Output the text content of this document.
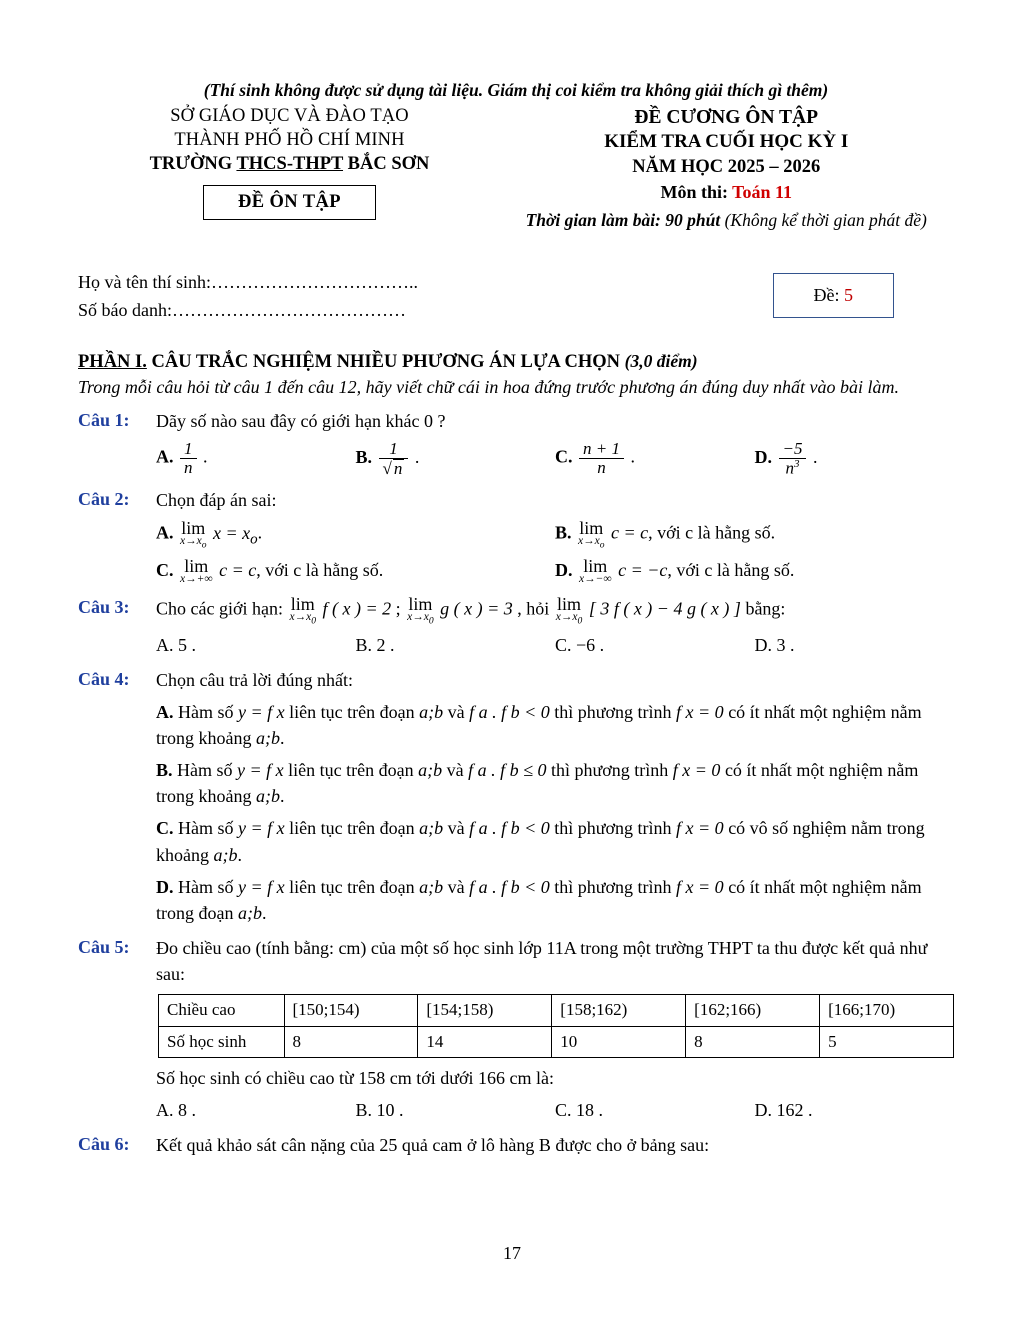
(Thí sinh không được sử dụng tài liệu. Giám thị coi kiểm tra không giải thích gì thêm)
SỞ GIÁO DỤC VÀ ĐÀO TẠO
THÀNH PHỐ HỒ CHÍ MINH
TRƯỜNG THCS-THPT BẮC SƠN
ĐỀ ÔN TẬP
ĐỀ CƯƠNG ÔN TẬP
KIỂM TRA CUỐI HỌC KỲ I
NĂM HỌC 2025 – 2026
Môn thi: Toán 11
Thời gian làm bài: 90 phút (Không kể thời gian phát đề)
Họ và tên thí sinh:……………………………..
Số báo danh:…………………………………
Đề: 5
PHẦN I. CÂU TRẮC NGHIỆM NHIỀU PHƯƠNG ÁN LỰA CHỌN (3,0 điểm)
Trong mỗi câu hỏi từ câu 1 đến câu 12, hãy viết chữ cái in hoa đứng trước phương án đúng duy nhất vào bài làm.
Câu 1:	Dãy số nào sau đây có giới hạn khác 0 ?
A. $\frac{1}{n}$ .	B. $\frac{1}{√ n}$ .	C. $\frac{n + 1}{n}$ .	D. $\frac{-5}{n^3}$ .
Câu 2:	Chọn đáp án sai:
A. lim
$x\to x_o$
$x = x_o$.	B. lim
$x\to x_o$
c = c, với c là hằng số.
C. lim
x→+∞ c = c, với c là hằng số.	D. lim
x→−∞ c = −c, với c là hằng số.
Câu 3:	Cho các giới hạn: lim
$x\to x_0$
f ( x ) = 2 ; lim
$x\to x_0$
g ( x ) = 3 , hỏi lim
$x\to x_0$
[ 3 f ( x ) − 4 g ( x ) ] bằng:
A. 5 .	B. 2 .	C. −6 .	D. 3 .
Câu 4:	Chọn câu trả lời đúng nhất:
A. Hàm số y = f x liên tục trên đoạn a;b và f a . f b < 0 thì phương trình f x = 0 có ít nhất một nghiệm nằm trong khoảng a;b.
B. Hàm số y = f x liên tục trên đoạn a;b và f a . f b ≤ 0 thì phương trình f x = 0 có ít nhất một nghiệm nằm trong khoảng a;b.
C. Hàm số y = f x liên tục trên đoạn a;b và f a . f b < 0 thì phương trình f x = 0 có vô số nghiệm nằm trong khoảng a;b.
D. Hàm số y = f x liên tục trên đoạn a;b và f a . f b < 0 thì phương trình f x = 0 có ít nhất một nghiệm nằm trong đoạn a;b.
Câu 5:	Đo chiều cao (tính bằng: cm) của một số học sinh lớp 11A trong một trường THPT ta thu được kết quả như sau:
Chiều cao	[150;154)	[154;158)	[158;162)	[162;166)	[166;170)
Số học sinh	8	14	10	8	5
Số học sinh có chiều cao từ 158 cm tới dưới 166 cm là:
A. 8 .	B. 10 .	C. 18 .	D. 162 .
Câu 6:	Kết quả khảo sát cân nặng của 25 quả cam ở lô hàng B được cho ở bảng sau:
17
